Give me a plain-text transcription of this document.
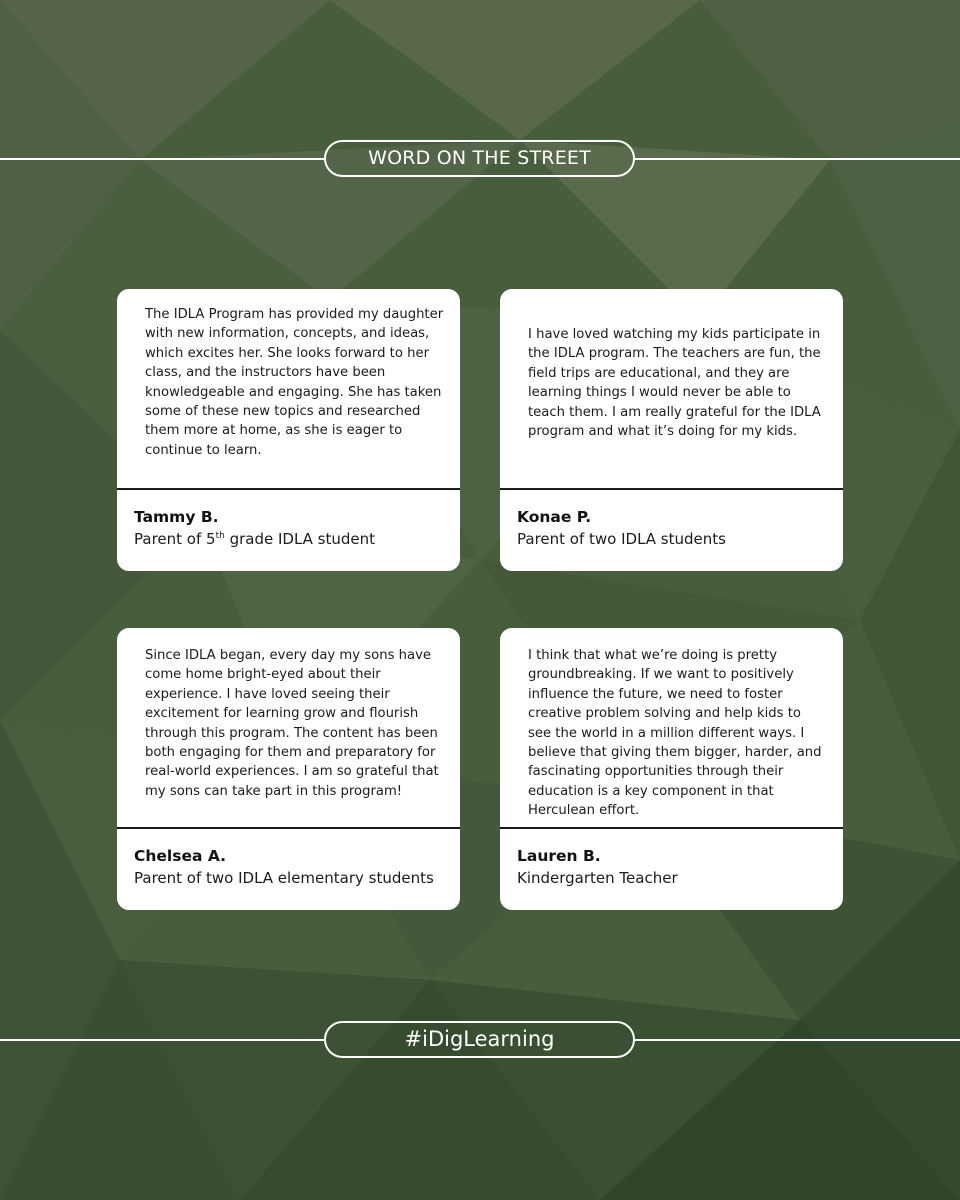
WORD ON THE STREET

The IDLA Program has provided my daughter with new information, concepts, and ideas, which excites her. She looks forward to her class, and the instructors have been knowledgeable and engaging. She has taken some of these new topics and researched them more at home, as she is eager to continue to learn.

Tammy B.
Parent of 5th grade IDLA student

I have loved watching my kids participate in the IDLA program. The teachers are fun, the field trips are educational, and they are learning things I would never be able to teach them. I am really grateful for the IDLA program and what it’s doing for my kids.

Konae P.
Parent of two IDLA students

Since IDLA began, every day my sons have come home bright-eyed about their experience. I have loved seeing their excitement for learning grow and flourish through this program. The content has been both engaging for them and preparatory for real-world experiences. I am so grateful that my sons can take part in this program!

Chelsea A.
Parent of two IDLA elementary students

I think that what we’re doing is pretty groundbreaking. If we want to positively influence the future, we need to foster creative problem solving and help kids to see the world in a million different ways. I believe that giving them bigger, harder, and fascinating opportunities through their education is a key component in that Herculean effort.

Lauren B.
Kindergarten Teacher
#iDigLearning
